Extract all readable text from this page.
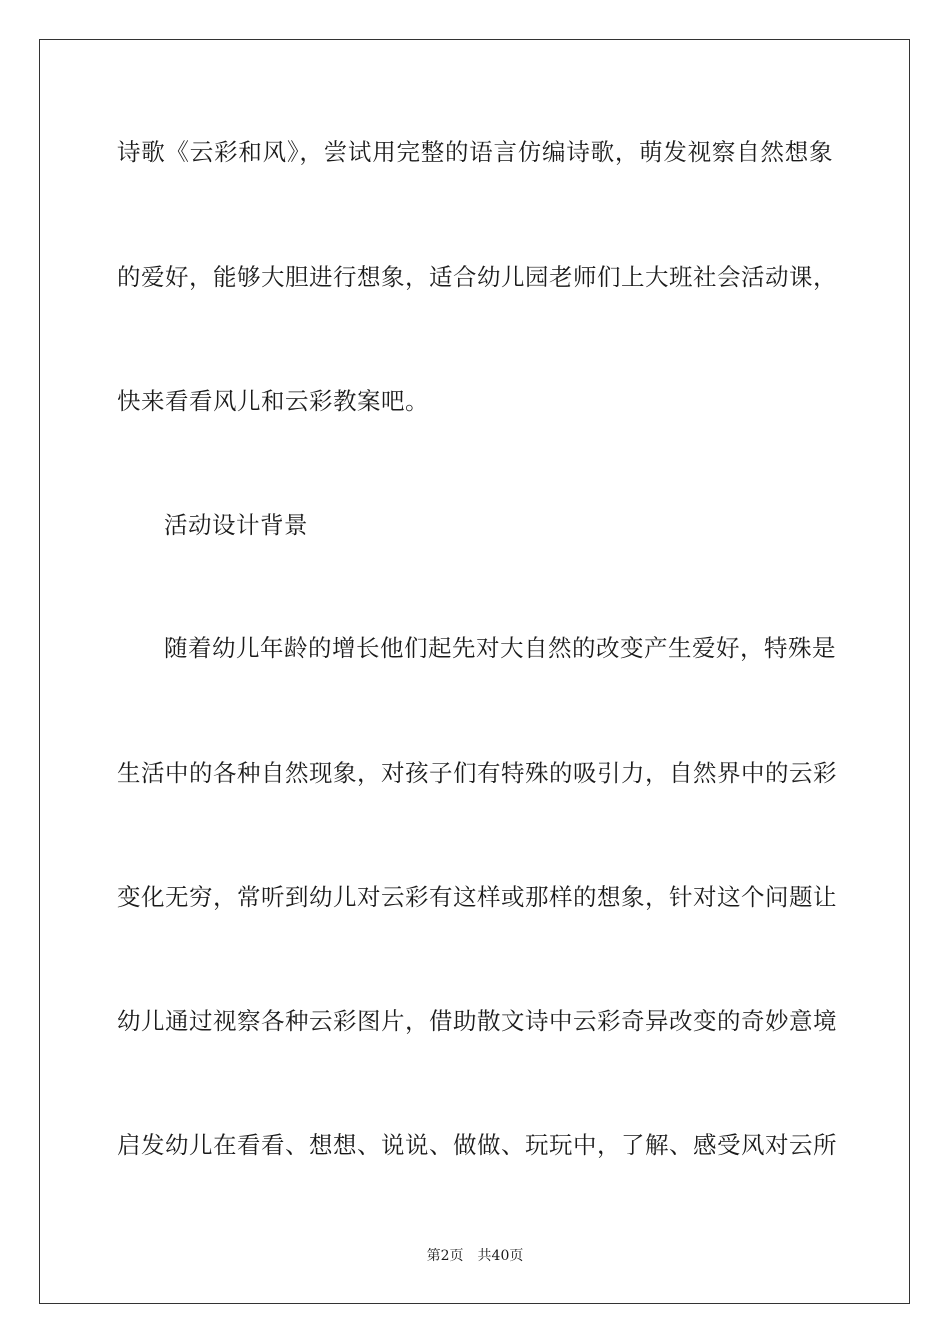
诗歌《云彩和风》，尝试用完整的语言仿编诗歌，萌发视察自然想象
的爱好，能够大胆进行想象，适合幼儿园老师们上大班社会活动课，
快来看看风儿和云彩教案吧。
活动设计背景
随着幼儿年龄的增长他们起先对大自然的改变产生爱好，特殊是
生活中的各种自然现象，对孩子们有特殊的吸引力，自然界中的云彩
变化无穷，常听到幼儿对云彩有这样或那样的想象，针对这个问题让
幼儿通过视察各种云彩图片，借助散文诗中云彩奇异改变的奇妙意境
启发幼儿在看看、想想、说说、做做、玩玩中，了解、感受风对云所
第2页 共40页
